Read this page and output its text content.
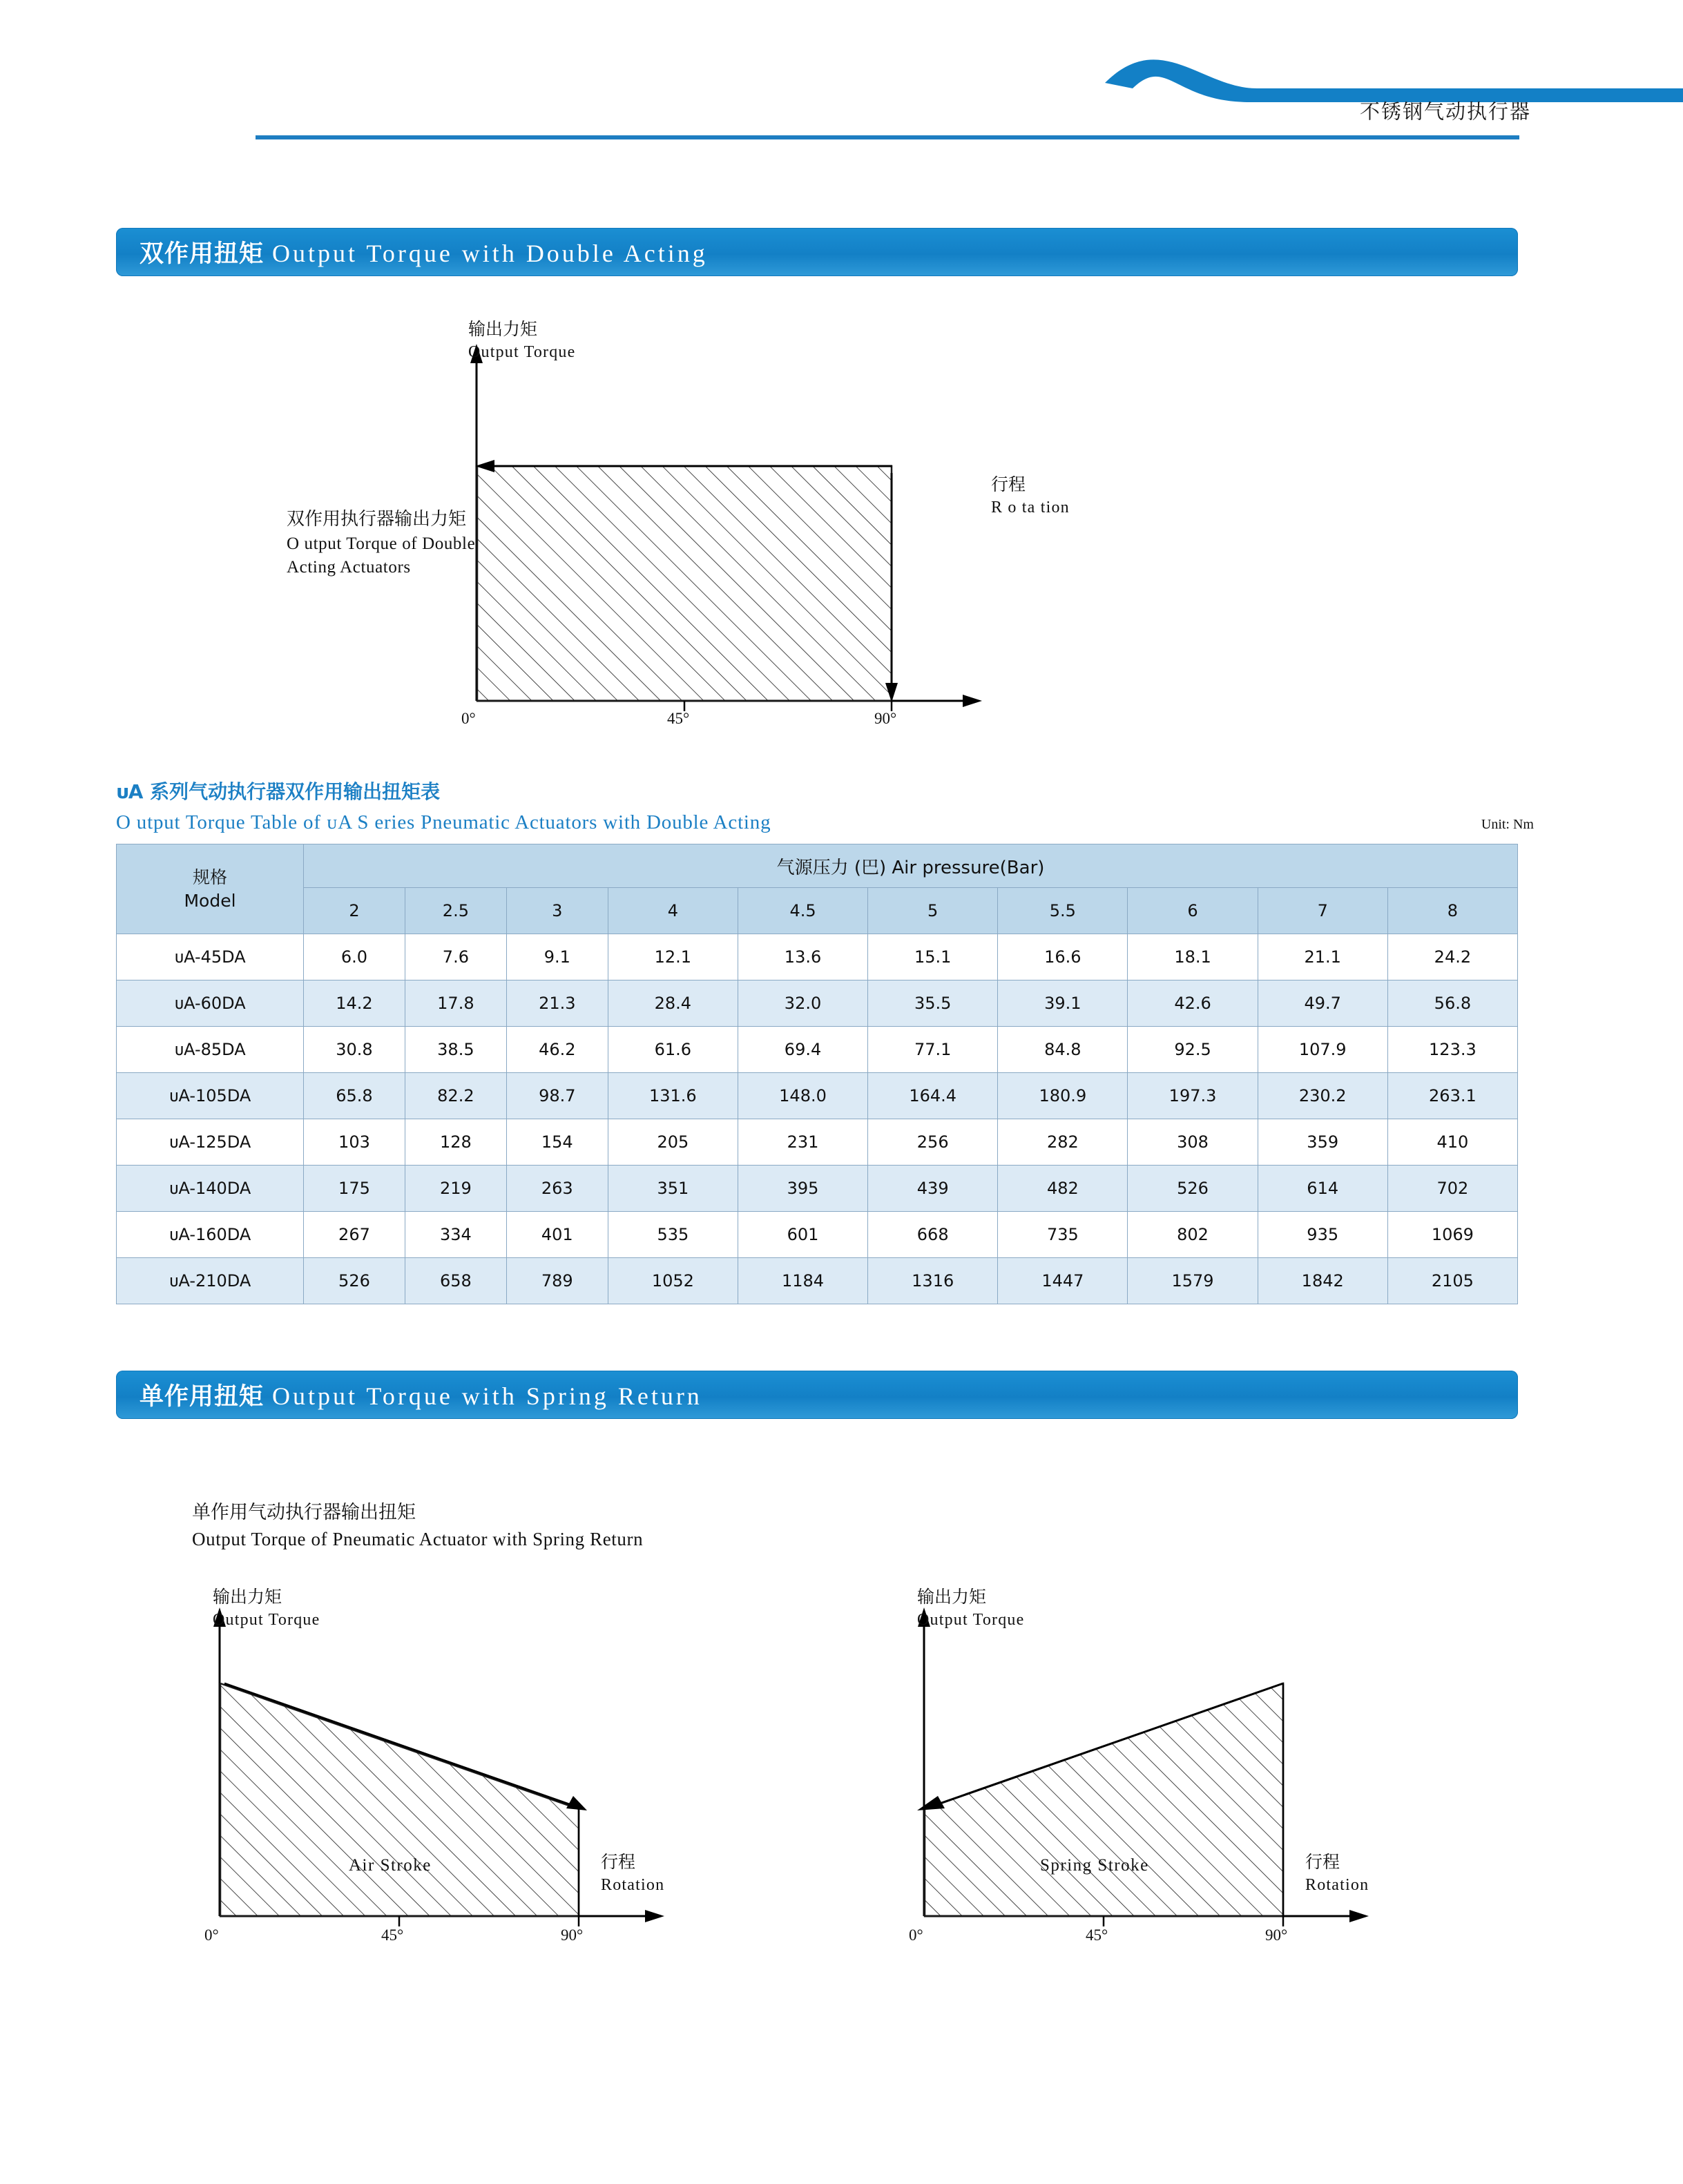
不锈钢气动执行器
双作用扭矩 Output Torque with Double Acting
输出力矩
Output Torque
行程
R o ta tion
双作用执行器输出力矩
O utput Torque of Double
Acting Actuators
0°	45°	90°
ᴜA 系列气动执行器双作用输出扭矩表
O utput Torque Table of ᴜA S eries Pneumatic Actuators with Double Acting	Unit: Nm
规格
Model	气源压力 (巴) Air pressure(Bar)									
	2	2.5	3	4	4.5	5	5.5	6	7	8
ᴜA-45DA	6.0	7.6	9.1	12.1	13.6	15.1	16.6	18.1	21.1	24.2
ᴜA-60DA	14.2	17.8	21.3	28.4	32.0	35.5	39.1	42.6	49.7	56.8
ᴜA-85DA	30.8	38.5	46.2	61.6	69.4	77.1	84.8	92.5	107.9	123.3
ᴜA-105DA	65.8	82.2	98.7	131.6	148.0	164.4	180.9	197.3	230.2	263.1
ᴜA-125DA	103	128	154	205	231	256	282	308	359	410
ᴜA-140DA	175	219	263	351	395	439	482	526	614	702
ᴜA-160DA	267	334	401	535	601	668	735	802	935	1069
ᴜA-210DA	526	658	789	1052	1184	1316	1447	1579	1842	2105
单作用扭矩 Output Torque with Spring Return
单作用气动执行器输出扭矩
Output Torque of Pneumatic Actuator with Spring Return
输出力矩
Output Torque
行程
Rotation
Air Stroke
0°	45°	90°
输出力矩
Output Torque
行程
Rotation
Spring Stroke
0°	45°	90°
